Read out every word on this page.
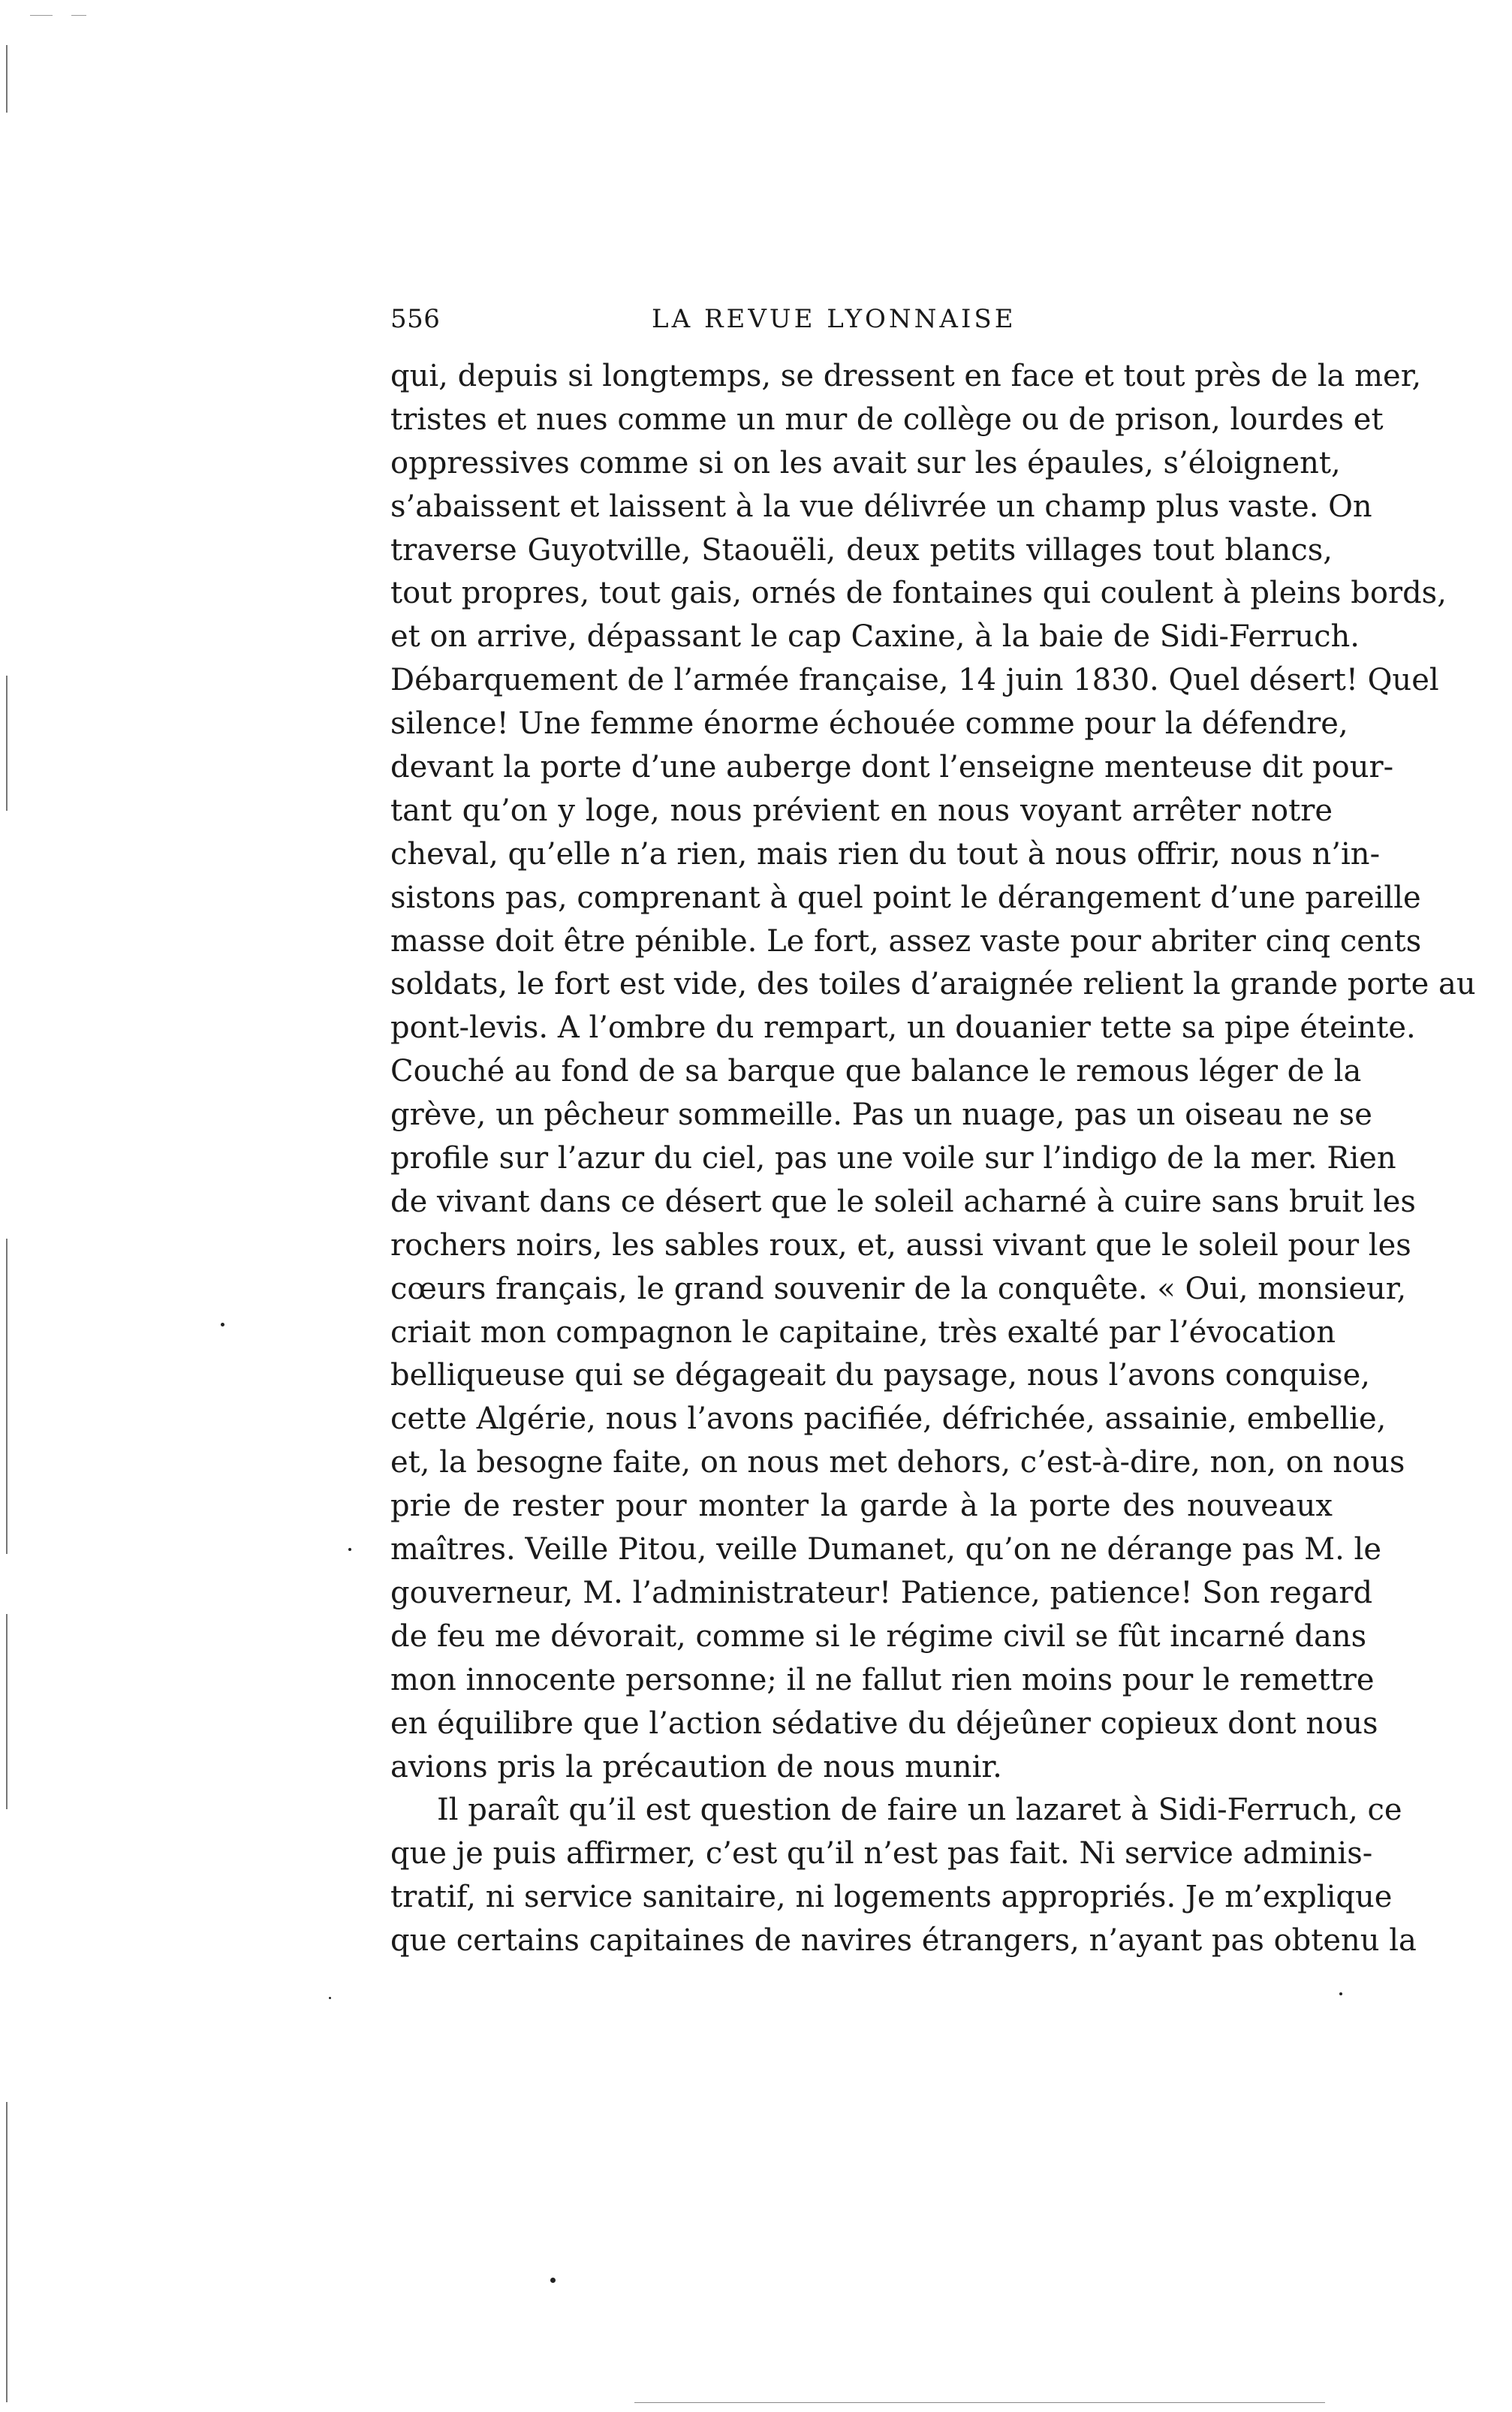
556	LA REVUE LYONNAISE
qui, depuis si longtemps, se dressent en face et tout près de la mer,
tristes et nues comme un mur de collège ou de prison, lourdes et
oppressives comme si on les avait sur les épaules, s’éloignent,
s’abaissent et laissent à la vue délivrée un champ plus vaste. On
traverse Guyotville, Staouëli, deux petits villages tout blancs,
tout propres, tout gais, ornés de fontaines qui coulent à pleins bords,
et on arrive, dépassant le cap Caxine, à la baie de Sidi-Ferruch.
Débarquement de l’armée française, 14 juin 1830. Quel désert! Quel
silence! Une femme énorme échouée comme pour la défendre,
devant la porte d’une auberge dont l’enseigne menteuse dit pour-
tant qu’on y loge, nous prévient en nous voyant arrêter notre
cheval, qu’elle n’a rien, mais rien du tout à nous offrir, nous n’in-
sistons pas, comprenant à quel point le dérangement d’une pareille
masse doit être pénible. Le fort, assez vaste pour abriter cinq cents
soldats, le fort est vide, des toiles d’araignée relient la grande porte au
pont-levis. A l’ombre du rempart, un douanier tette sa pipe éteinte.
Couché au fond de sa barque que balance le remous léger de la
grève, un pêcheur sommeille. Pas un nuage, pas un oiseau ne se
profile sur l’azur du ciel, pas une voile sur l’indigo de la mer. Rien
de vivant dans ce désert que le soleil acharné à cuire sans bruit les
rochers noirs, les sables roux, et, aussi vivant que le soleil pour les
cœurs français, le grand souvenir de la conquête. « Oui, monsieur,
criait mon compagnon le capitaine, très exalté par l’évocation
belliqueuse qui se dégageait du paysage, nous l’avons conquise,
cette Algérie, nous l’avons pacifiée, défrichée, assainie, embellie,
et, la besogne faite, on nous met dehors, c’est-à-dire, non, on nous
prie de rester pour monter la garde à la porte des nouveaux
maîtres. Veille Pitou, veille Dumanet, qu’on ne dérange pas M. le
gouverneur, M. l’administrateur! Patience, patience! Son regard
de feu me dévorait, comme si le régime civil se fût incarné dans
mon innocente personne; il ne fallut rien moins pour le remettre
en équilibre que l’action sédative du déjeûner copieux dont nous
avions pris la précaution de nous munir.
Il paraît qu’il est question de faire un lazaret à Sidi-Ferruch, ce
que je puis affirmer, c’est qu’il n’est pas fait. Ni service adminis-
tratif, ni service sanitaire, ni logements appropriés. Je m’explique
que certains capitaines de navires étrangers, n’ayant pas obtenu la
